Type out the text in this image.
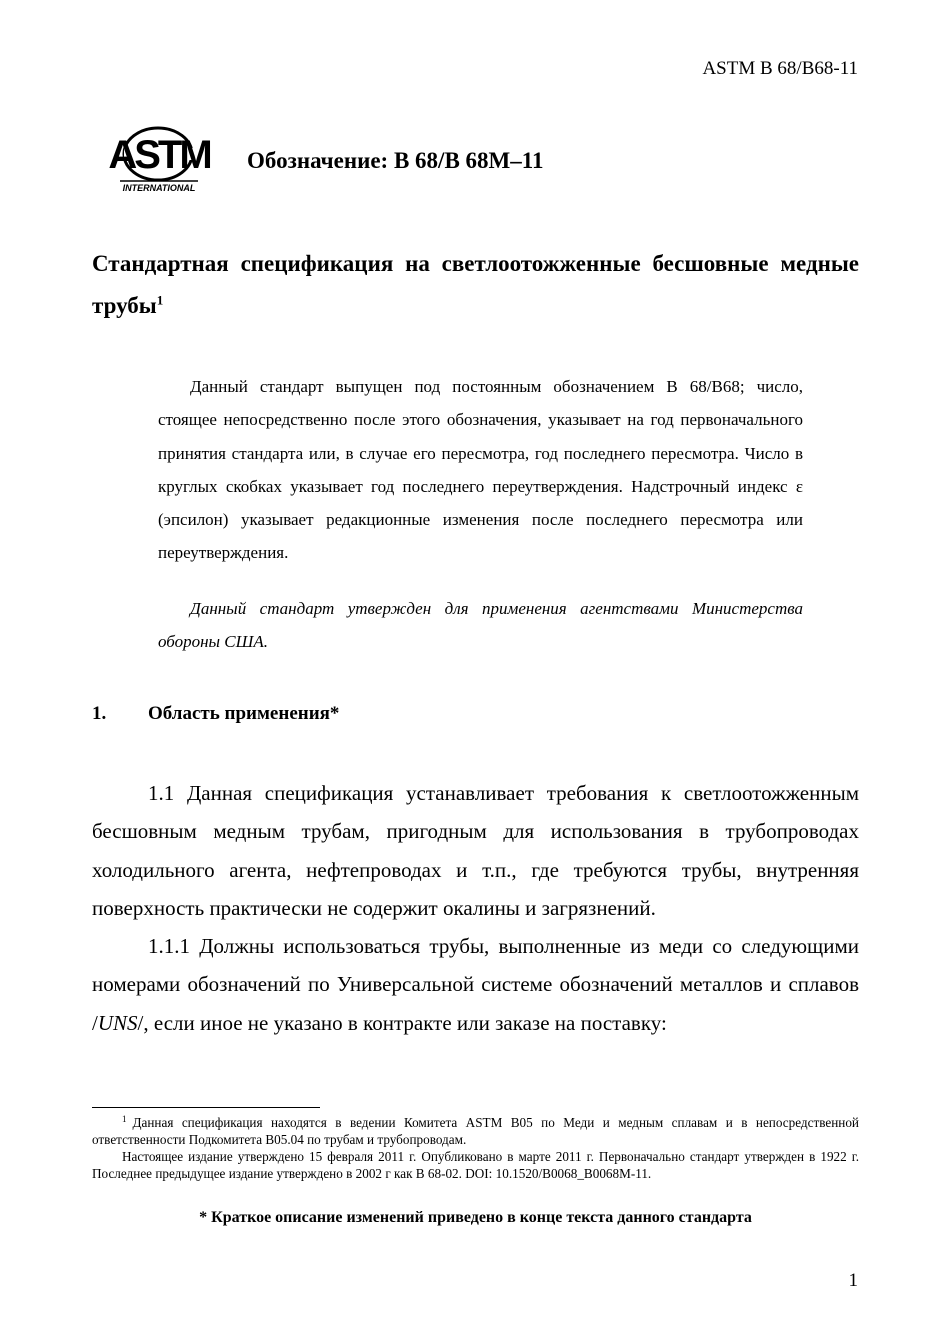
ASTM B 68/B68-11
ASTM
INTERNATIONAL
Обозначение: B 68/B 68M–11
Стандартная спецификация на светлоотожженные бесшовные медные трубы$^1$
Данный стандарт выпущен под постоянным обозначением B 68/B68; число, стоящее непосредственно после этого обозначения, указывает на год первоначального принятия стандарта или, в случае его пересмотра, год последнего пересмотра. Число в круглых скобках указывает год последнего переутверждения. Надстрочный индекс ε (эпсилон) указывает редакционные изменения после последнего пересмотра или переутверждения.
Данный стандарт утвержден для применения агентствами Министерства обороны США.
1. Область применения*

1.1 Данная спецификация устанавливает требования к светлоотожженным бесшовным медным трубам, пригодным для использования в трубопроводах холодильного агента, нефтепроводах и т.п., где требуются трубы, внутренняя поверхность практически не содержит окалины и загрязнений.

1.1.1 Должны использоваться трубы, выполненные из меди со следующими номерами обозначений по Универсальной системе обозначений металлов и сплавов /UNS/, если иное не указано в контракте или заказе на поставку:

$^1$ Данная спецификация находятся в ведении Комитета ASTM B05 по Меди и медным сплавам и в непосредственной ответственности Подкомитета B05.04 по трубам и трубопроводам.

Настоящее издание утверждено 15 февраля 2011 г. Опубликовано в марте 2011 г. Первоначально стандарт утвержден в 1922 г. Последнее предыдущее издание утверждено в 2002 г как B 68-02. DOI: 10.1520/B0068_B0068M-11.

* Краткое описание изменений приведено в конце текста данного стандарта
1
